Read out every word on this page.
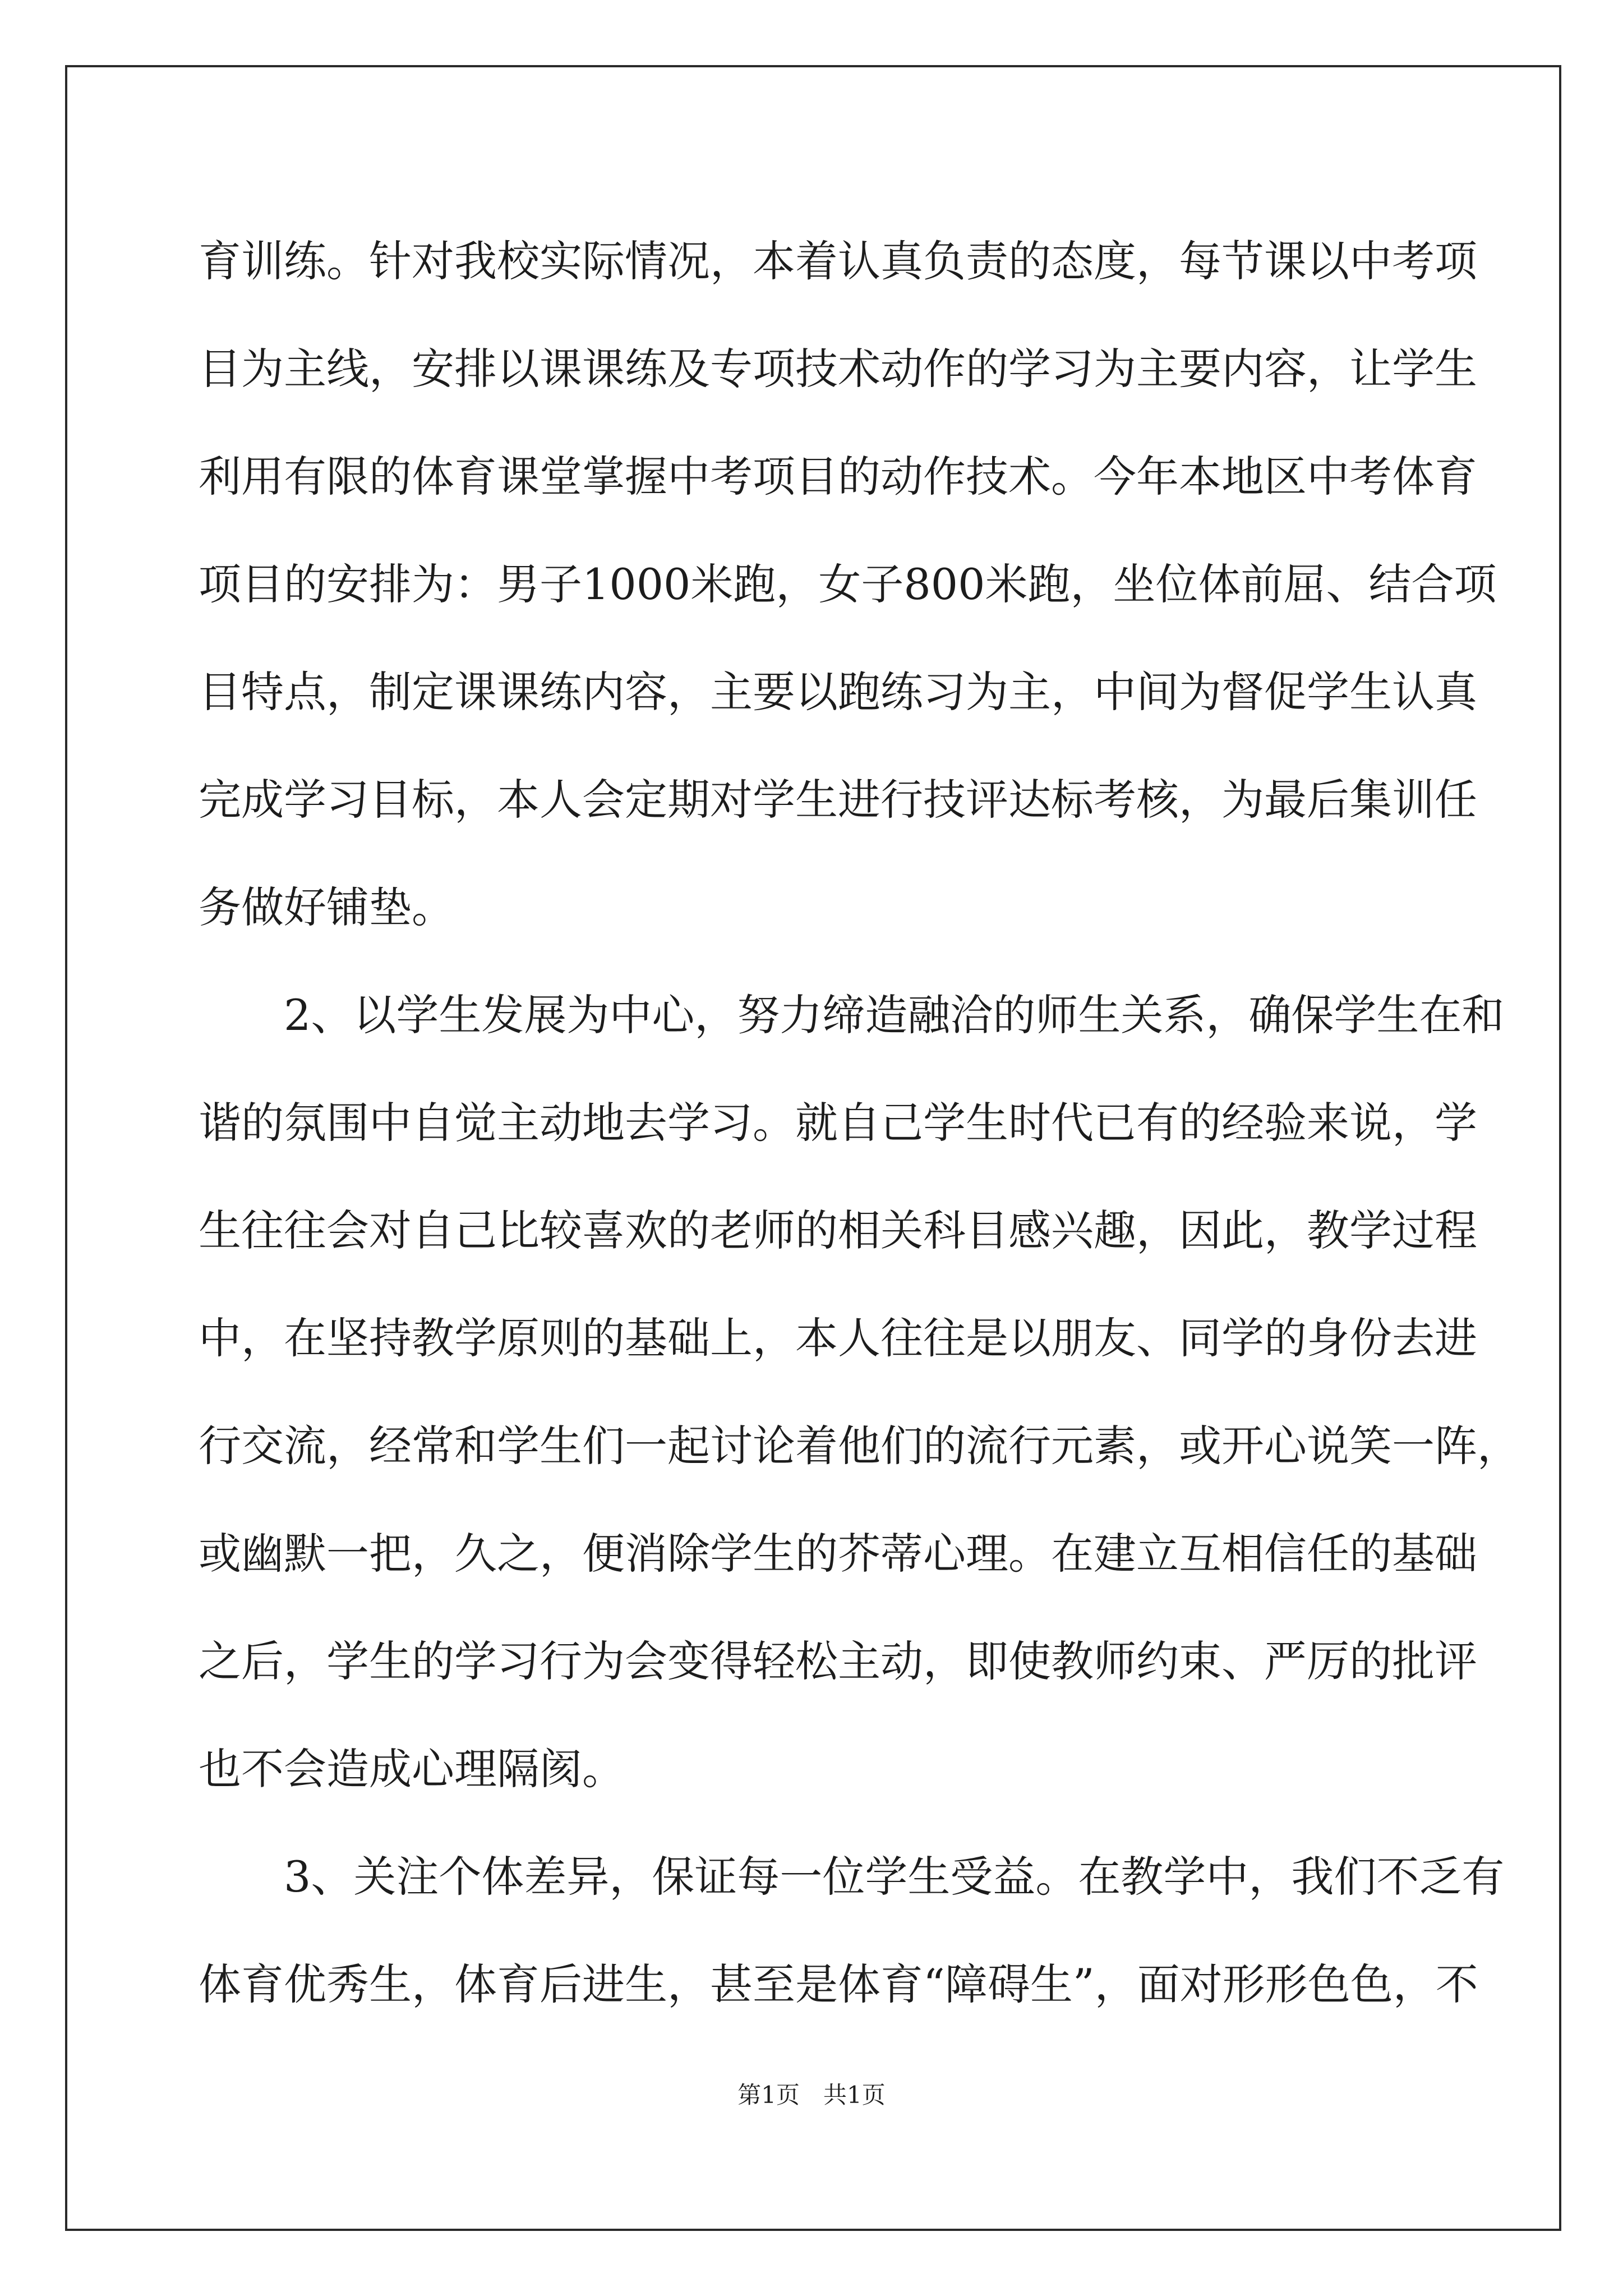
育训练。针对我校实际情况，本着认真负责的态度，每节课以中考项
目为主线，安排以课课练及专项技术动作的学习为主要内容，让学生
利用有限的体育课堂掌握中考项目的动作技术。今年本地区中考体育
项目的安排为：男子1000米跑，女子800米跑，坐位体前屈、结合项
目特点，制定课课练内容，主要以跑练习为主，中间为督促学生认真
完成学习目标，本人会定期对学生进行技评达标考核，为最后集训任
务做好铺垫。
2、以学生发展为中心，努力缔造融洽的师生关系，确保学生在和
谐的氛围中自觉主动地去学习。就自己学生时代已有的经验来说，学
生往往会对自己比较喜欢的老师的相关科目感兴趣，因此，教学过程
中，在坚持教学原则的基础上，本人往往是以朋友、同学的身份去进
行交流，经常和学生们一起讨论着他们的流行元素，或开心说笑一阵，
或幽默一把，久之，便消除学生的芥蒂心理。在建立互相信任的基础
之后，学生的学习行为会变得轻松主动，即使教师约束、严厉的批评
也不会造成心理隔阂。
3、关注个体差异，保证每一位学生受益。在教学中，我们不乏有
体育优秀生，体育后进生，甚至是体育“障碍生”，面对形形色色，不
第1页　共1页
